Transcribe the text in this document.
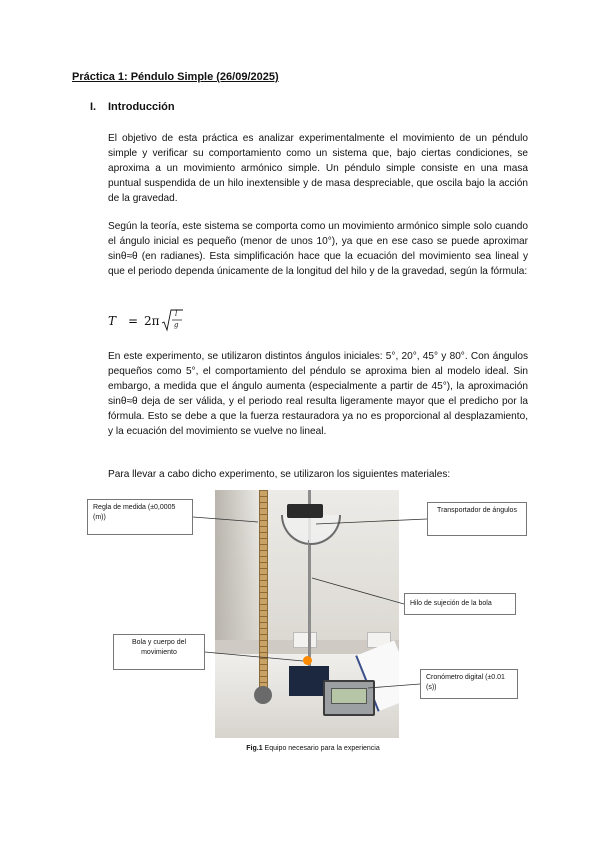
Práctica 1: Péndulo Simple (26/09/2025)
I. Introducción

El objetivo de esta práctica es analizar experimentalmente el movimiento de un péndulo simple y verificar su comportamiento como un sistema que, bajo ciertas condiciones, se aproxima a un movimiento armónico simple. Un péndulo simple consiste en una masa puntual suspendida de un hilo inextensible y de masa despreciable, que oscila bajo la acción de la gravedad.

Según la teoría, este sistema se comporta como un movimiento armónico simple solo cuando el ángulo inicial es pequeño (menor de unos 10°), ya que en ese caso se puede aproximar sinθ≈θ (en radianes). Esta simplificación hace que la ecuación del movimiento sea lineal y que el periodo dependa únicamente de la longitud del hilo y de la gravedad, según la fórmula:

T = 2π l
g

En este experimento, se utilizaron distintos ángulos iniciales: 5°, 20°, 45° y 80°. Con ángulos pequeños como 5°, el comportamiento del péndulo se aproxima bien al modelo ideal. Sin embargo, a medida que el ángulo aumenta (especialmente a partir de 45°), la aproximación sinθ≈θ deja de ser válida, y el periodo real resulta ligeramente mayor que el predicho por la fórmula. Esto se debe a que la fuerza restauradora ya no es proporcional al desplazamiento, y la ecuación del movimiento se vuelve no lineal.

Para llevar a cabo dicho experimento, se utilizaron los siguientes materiales:

Regla de medida (±0,0005 (m))
Transportador de ángulos
Hilo de sujeción de la bola
Bola y cuerpo del movimiento
Cronómetro digital (±0.01 (s))

Fig.1 Equipo necesario para la experiencia
